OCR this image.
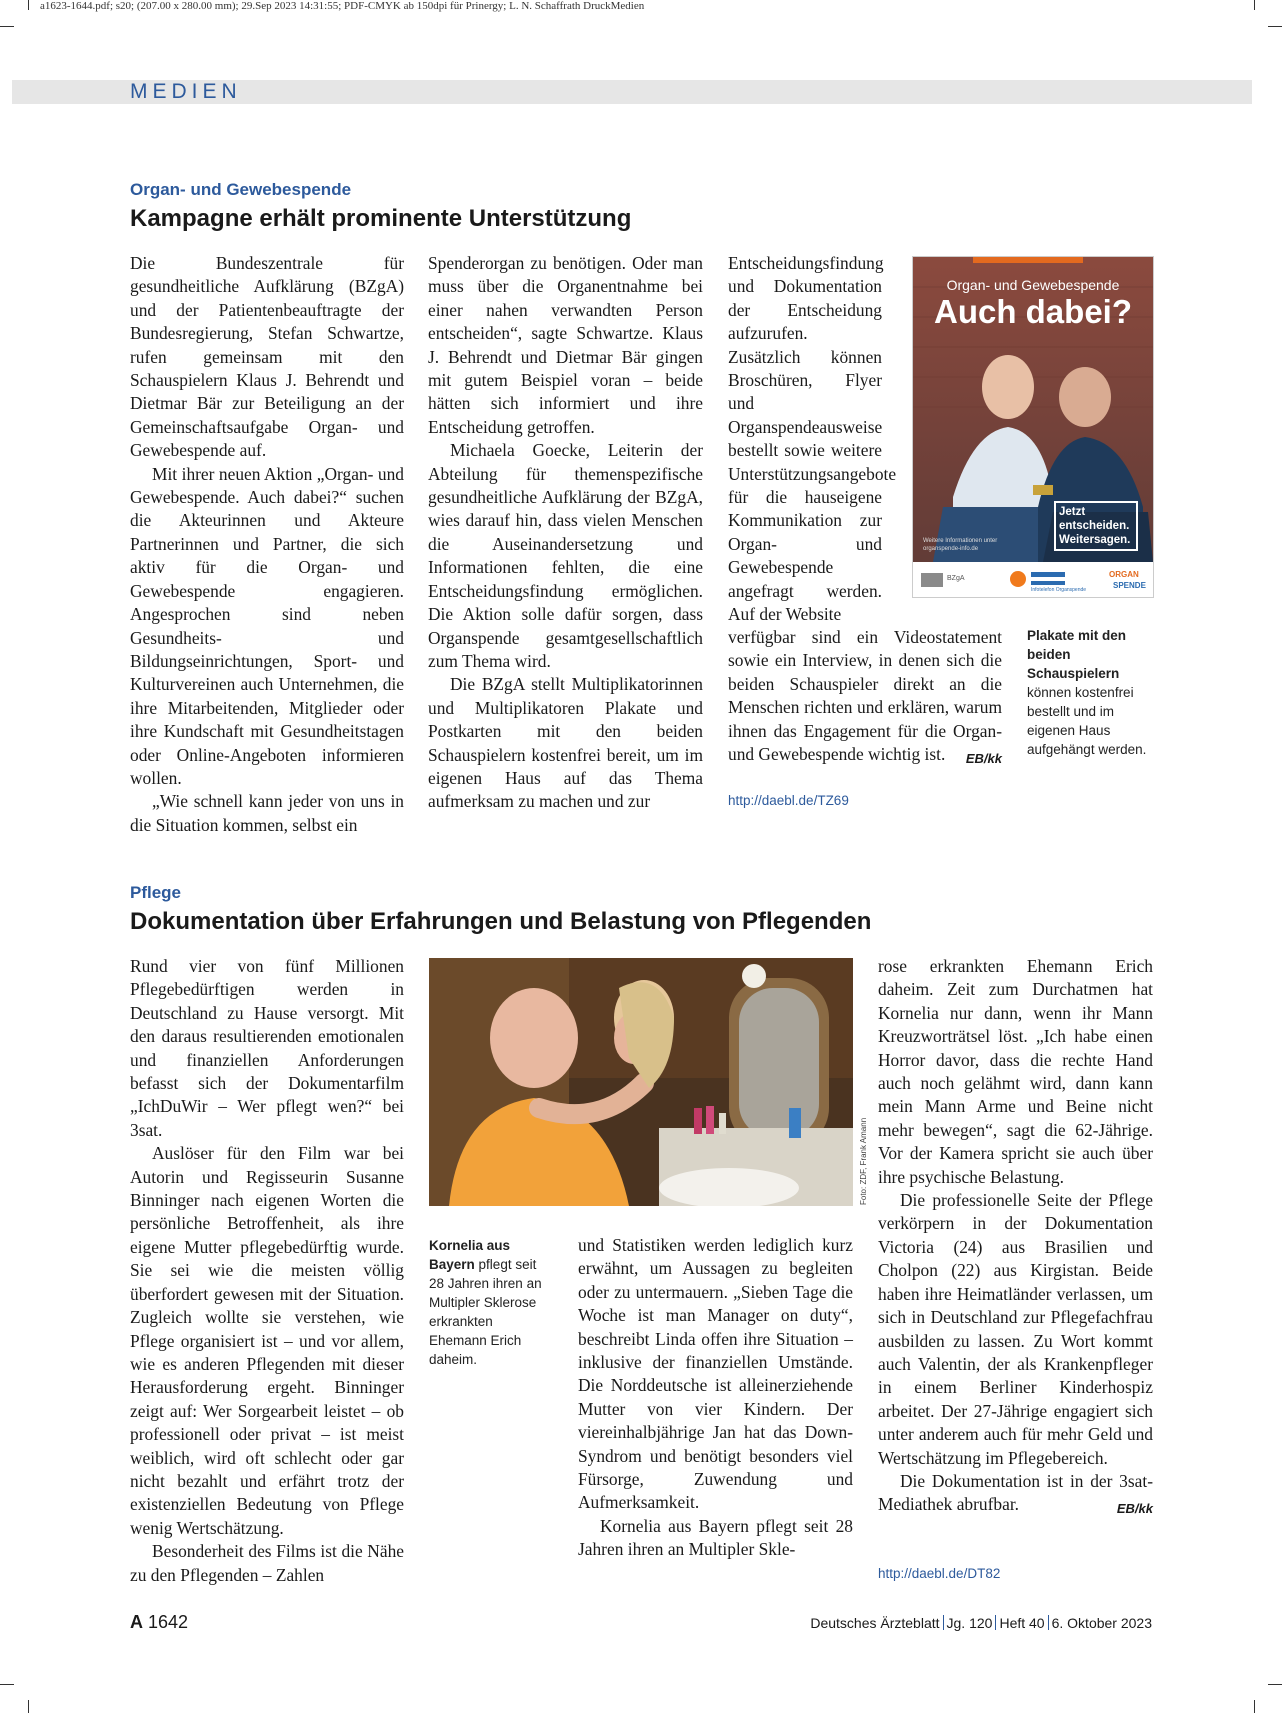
a1623-1644.pdf; s20; (207.00 x 280.00 mm); 29.Sep 2023 14:31:55; PDF-CMYK ab 150dpi für Prinergy; L. N. Schaffrath DruckMedien
MEDIEN
Organ- und Gewebespende
Kampagne erhält prominente Unterstützung

Die Bundeszentrale für gesundheitliche Aufklärung (BZgA) und der Patientenbeauftragte der Bundesregierung, Stefan Schwartze, rufen gemeinsam mit den Schauspielern Klaus J. Behrendt und Dietmar Bär zur Beteiligung an der Gemeinschaftsaufgabe Organ- und Gewebespende auf.

Mit ihrer neuen Aktion „Organ- und Gewebespende. Auch dabei?“ suchen die Akteurinnen und Akteure Partnerinnen und Partner, die sich aktiv für die Organ- und Gewebespende engagieren. Angesprochen sind neben Gesundheits- und Bildungseinrichtungen, Sport- und Kulturvereinen auch Unternehmen, die ihre Mitarbeitenden, Mitglieder oder ihre Kundschaft mit Gesundheitstagen oder Online-Angeboten informieren wollen.

„Wie schnell kann jeder von uns in die Situation kommen, selbst ein

Spenderorgan zu benötigen. Oder man muss über die Organentnahme bei einer nahen verwandten Person entscheiden“, sagte Schwartze. Klaus J. Behrendt und Dietmar Bär gingen mit gutem Beispiel voran – beide hätten sich informiert und ihre Entscheidung getroffen.

Michaela Goecke, Leiterin der Abteilung für themenspezifische gesundheitliche Aufklärung der BZgA, wies darauf hin, dass vielen Menschen die Auseinandersetzung und Informationen fehlten, die eine Entscheidungsfindung ermöglichen. Die Aktion solle dafür sorgen, dass Organspende gesamtgesellschaftlich zum Thema wird.

Die BZgA stellt Multiplikatorinnen und Multiplikatoren Plakate und Postkarten mit den beiden Schauspielern kostenfrei bereit, um im eigenen Haus auf das Thema aufmerksam zu machen und zur

Entscheidungsfindung und Dokumentation der Entscheidung aufzurufen. Zusätzlich können Broschüren, Flyer und Organspendeausweise bestellt sowie weitere Unterstützungsangebote für die hauseigene Kommunikation zur Organ- und Gewebespende angefragt werden. Auf der Website

verfügbar sind ein Videostatement sowie ein Interview, in denen sich die beiden Schauspieler direkt an die Menschen richten und erklären, warum ihnen das Engagement für die Organ- und Gewebespende wichtig ist. EB/kk

http://daebl.de/TZ69
Organ- und Gewebespende
Auch dabei?
Jetzt entscheiden. Weitersagen.
Weitere Informationen unter organspende-info.de
BZgA
Infotelefon Organspende
ORGAN
SPENDE
Plakate mit den beiden Schauspielern können kostenfrei bestellt und im eigenen Haus aufgehängt werden.
Pflege
Dokumentation über Erfahrungen und Belastung von Pflegenden

Rund vier von fünf Millionen Pflegebedürftigen werden in Deutschland zu Hause versorgt. Mit den daraus resultierenden emotionalen und finanziellen Anforderungen befasst sich der Dokumentarfilm „IchDuWir – Wer pflegt wen?“ bei 3sat.

Auslöser für den Film war bei Autorin und Regisseurin Susanne Binninger nach eigenen Worten die persönliche Betroffenheit, als ihre eigene Mutter pflegebedürftig wurde. Sie sei wie die meisten völlig überfordert gewesen mit der Situation. Zugleich wollte sie verstehen, wie Pflege organisiert ist – und vor allem, wie es anderen Pflegenden mit dieser Herausforderung ergeht. Binninger zeigt auf: Wer Sorgearbeit leistet – ob professionell oder privat – ist meist weiblich, wird oft schlecht oder gar nicht bezahlt und erfährt trotz der existenziellen Bedeutung von Pflege wenig Wertschätzung.

Besonderheit des Films ist die Nähe zu den Pflegenden – Zahlen

Foto: ZDF, Frank Amann
Kornelia aus Bayern pflegt seit 28 Jahren ihren an Multipler Sklerose erkrankten Ehemann Erich daheim.

und Statistiken werden lediglich kurz erwähnt, um Aussagen zu begleiten oder zu untermauern. „Sieben Tage die Woche ist man Manager on duty“, beschreibt Linda offen ihre Situation – inklusive der finanziellen Umstände. Die Norddeutsche ist alleinerziehende Mutter von vier Kindern. Der viereinhalbjährige Jan hat das Down-Syndrom und benötigt besonders viel Fürsorge, Zuwendung und Aufmerksamkeit.

Kornelia aus Bayern pflegt seit 28 Jahren ihren an Multipler Skle-

rose erkrankten Ehemann Erich daheim. Zeit zum Durchatmen hat Kornelia nur dann, wenn ihr Mann Kreuzworträtsel löst. „Ich habe einen Horror davor, dass die rechte Hand auch noch gelähmt wird, dann kann mein Mann Arme und Beine nicht mehr bewegen“, sagt die 62-Jährige. Vor der Kamera spricht sie auch über ihre psychische Belastung.

Die professionelle Seite der Pflege verkörpern in der Dokumentation Victoria (24) aus Brasilien und Cholpon (22) aus Kirgistan. Beide haben ihre Heimatländer verlassen, um sich in Deutschland zur Pflegefachfrau ausbilden zu lassen. Zu Wort kommt auch Valentin, der als Krankenpfleger in einem Berliner Kinderhospiz arbeitet. Der 27-Jährige engagiert sich unter anderem auch für mehr Geld und Wertschätzung im Pflegebereich.

Die Dokumentation ist in der 3sat-Mediathek abrufbar.	EB/kk

http://daebl.de/DT82
A 1642	Deutsches Ärzteblatt Jg. 120 Heft 40 6. Oktober 2023
